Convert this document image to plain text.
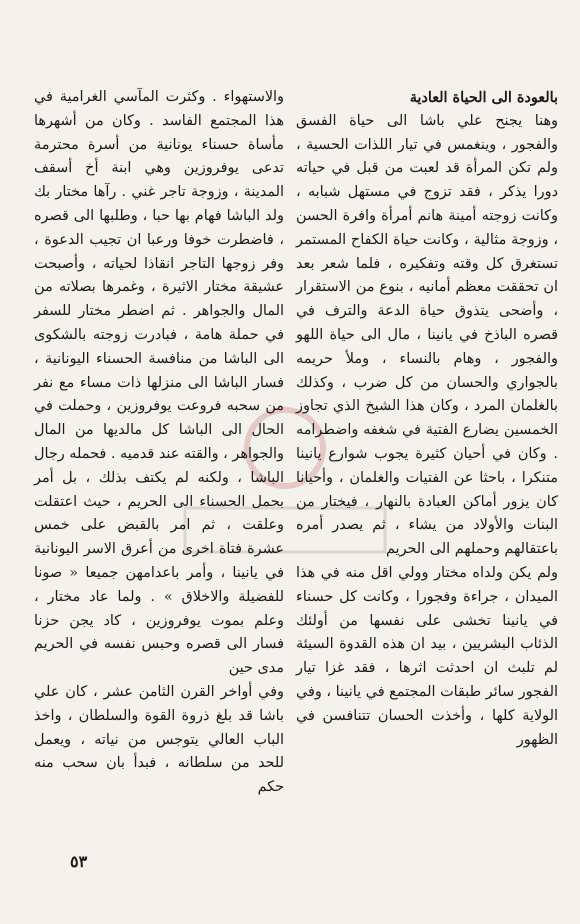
بالعودة الى الحياة العادية

وهنا يجنح علي باشا الى حياة الفسق والفجور ، وينغمس في تيار اللذات الحسية ، ولم تكن المرأة قد لعبت من قبل في حياته دورا يذكر ، فقد تزوج في مستهل شبابه ، وكانت زوجته أمينة هانم أمرأة وافرة الحسن ، وزوجة مثالية ، وكانت حياة الكفاح المستمر تستغرق كل وقته وتفكيره ، فلما شعر بعد ان تحققت معظم أمانيه ، بنوع من الاستقرار ، وأضحى يتذوق حياة الدعة والترف في قصره الباذخ في يانينا ، مال الى حياة اللهو والفجور ، وهام بالنساء ، وملأ حريمه بالجواري والحسان من كل ضرب ، وكذلك بالغلمان المرد ، وكان هذا الشيخ الذي تجاوز الخمسين يضارع الفتية في شغفه واضطرامه . وكان في أحيان كثيرة يجوب شوارع يانينا متنكرا ، باحثا عن الفتيات والغلمان ، وأحيانا كان يزور أماكن العبادة بالنهار ، فيختار من البنات والأولاد من يشاء ، ثم يصدر أمره باعتقالهم وحملهم الى الحريم

ولم يكن ولداه مختار وولي اقل منه في هذا الميدان ، جراءة وفجورا ، وكانت كل حسناء في يانينا تخشى على نفسها من أولئك الذئاب البشريين ، بيد ان هذه القدوة السيئة لم تلبث ان احدثت اثرها ، فقد غزا تيار الفجور سائر طبقات المجتمع في يانينا ، وفي الولاية كلها ، وأخذت الحسان تتنافسن في الظهور

والاستهواء . وكثرت المآسي الغرامية في هذا المجتمع الفاسد . وكان من أشهرها مأساة حسناء يونانية من أسرة محترمة تدعى يوفروزين وهي ابنة أخ أسقف المدينة ، وزوجة تاجر غني . رآها مختار بك ولد الباشا فهام بها حبا ، وطلبها الى قصره ، فاضطرت خوفا ورعبا ان تجيب الدعوة ، وفر زوجها التاجر انقاذا لحياته ، وأصبحت عشيقة مختار الاثيرة ، وغمرها بصلاته من المال والجواهر . ثم اضطر مختار للسفر في حملة هامة ، فبادرت زوجته بالشكوى الى الباشا من منافسة الحسناء اليونانية ، فسار الباشا الى منزلها ذات مساء مع نفر من سحبه فروعت يوفروزين ، وحملت في الحال الى الباشا كل مالديها من المال والجواهر ، والقته عند قدميه . فحمله رجال الباشا ، ولكنه لم يكتف بذلك ، بل أمر بحمل الحسناء الى الحريم ، حيث اعتقلت وعلقت ، ثم امر بالقبض على خمس عشرة فتاة اخرى من أعرق الاسر اليونانية في يانينا ، وأمر باعدامهن جميعا « صونا للفضيلة والاخلاق » . ولما عاد مختار ، وعلم بموت يوفروزين ، كاد يجن حزنا فسار الى قصره وحبس نفسه في الحريم مدى حين

وفي أواخر القرن الثامن عشر ، كان علي باشا قد بلغ ذروة القوة والسلطان ، واخذ الباب العالي يتوجس من نياته ، ويعمل للحد من سلطانه ، فبدأ بان سحب منه حكم

٥٣
